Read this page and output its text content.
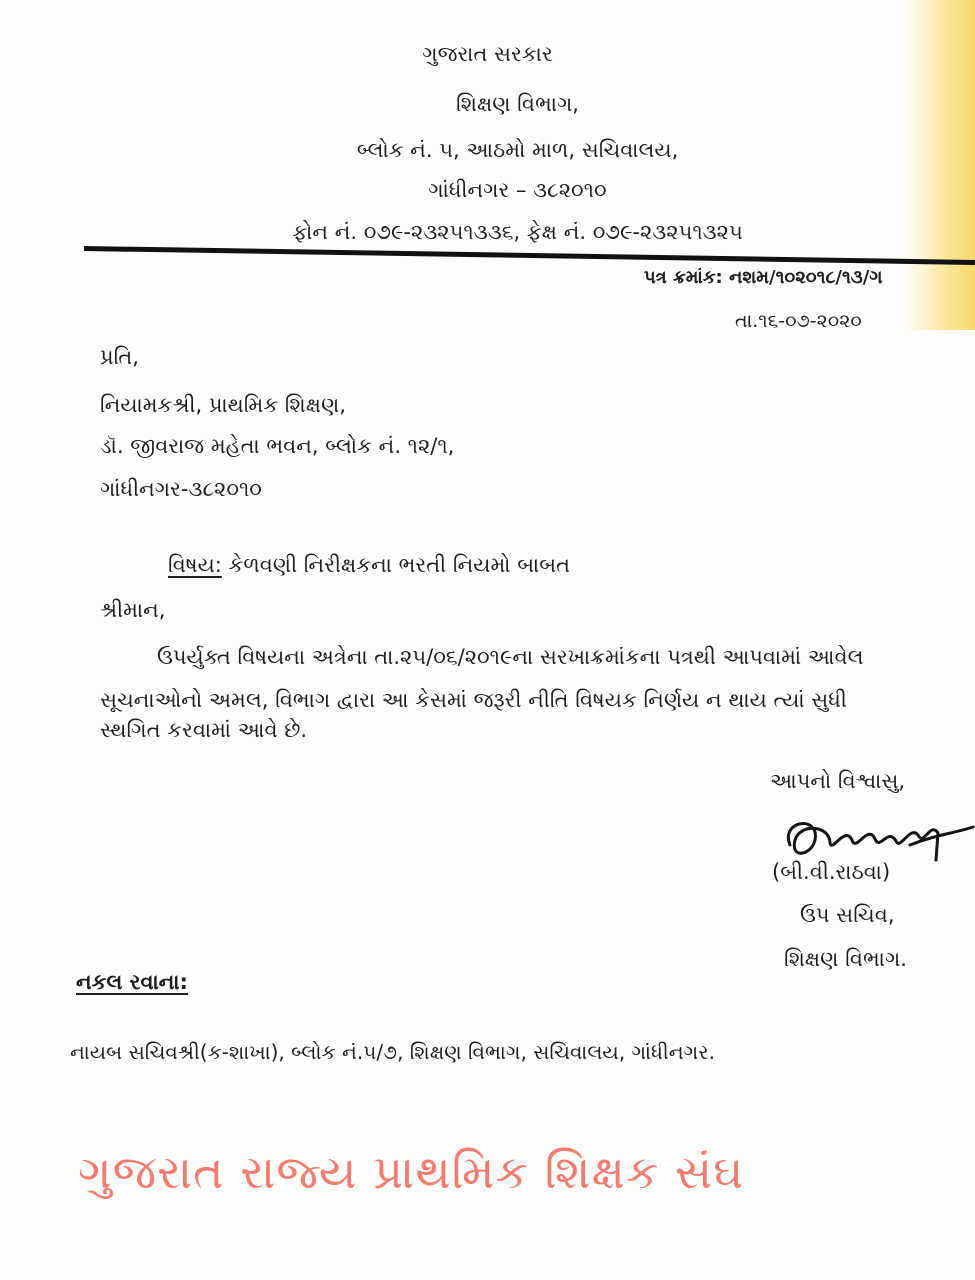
ગુજરાત સરકાર
શિક્ષણ વિભાગ,
બ્લોક નં. ૫, આઠમો માળ, સચિવાલય,
ગાંધીનગર – ૩૮૨૦૧૦
ફોન નં. ૦૭૯-૨૩૨૫૧૩૩૬, ફેક્ષ નં. ૦૭૯-૨૩૨૫૧૩૨૫
પત્ર ક્રમાંક: નશમ/૧૦૨૦૧૮/૧૩/ગ
તા.૧૬-૦૭-૨૦૨૦
પ્રતિ,
નિયામકશ્રી, પ્રાથમિક શિક્ષણ,
ડૉ. જીવરાજ મહેતા ભવન, બ્લોક નં. ૧૨/૧,
ગાંધીનગર-૩૮૨૦૧૦
વિષય: કેળવણી નિરીક્ષકના ભરતી નિયમો બાબત
શ્રીમાન,
ઉપર્યુક્ત વિષયના અત્રેના તા.૨૫/૦૬/૨૦૧૯ના સરખાક્રમાંકના પત્રથી આપવામાં આવેલ
સૂચનાઓનો અમલ, વિભાગ દ્વારા આ કેસમાં જરૂરી નીતિ વિષયક નિર્ણય ન થાય ત્યાં સુધી
સ્થગિત કરવામાં આવે છે.
આપનો વિશ્વાસુ,
(બી.વી.રાઠવા)
ઉપ સચિવ,
શિક્ષણ વિભાગ.
નકલ રવાના:
નાયબ સચિવશ્રી(ક-શાખા), બ્લોક નં.૫/૭, શિક્ષણ વિભાગ, સચિવાલય, ગાંધીનગર.
ગુજરાત રાજ્ય પ્રાથમિક શિક્ષક સંઘ
